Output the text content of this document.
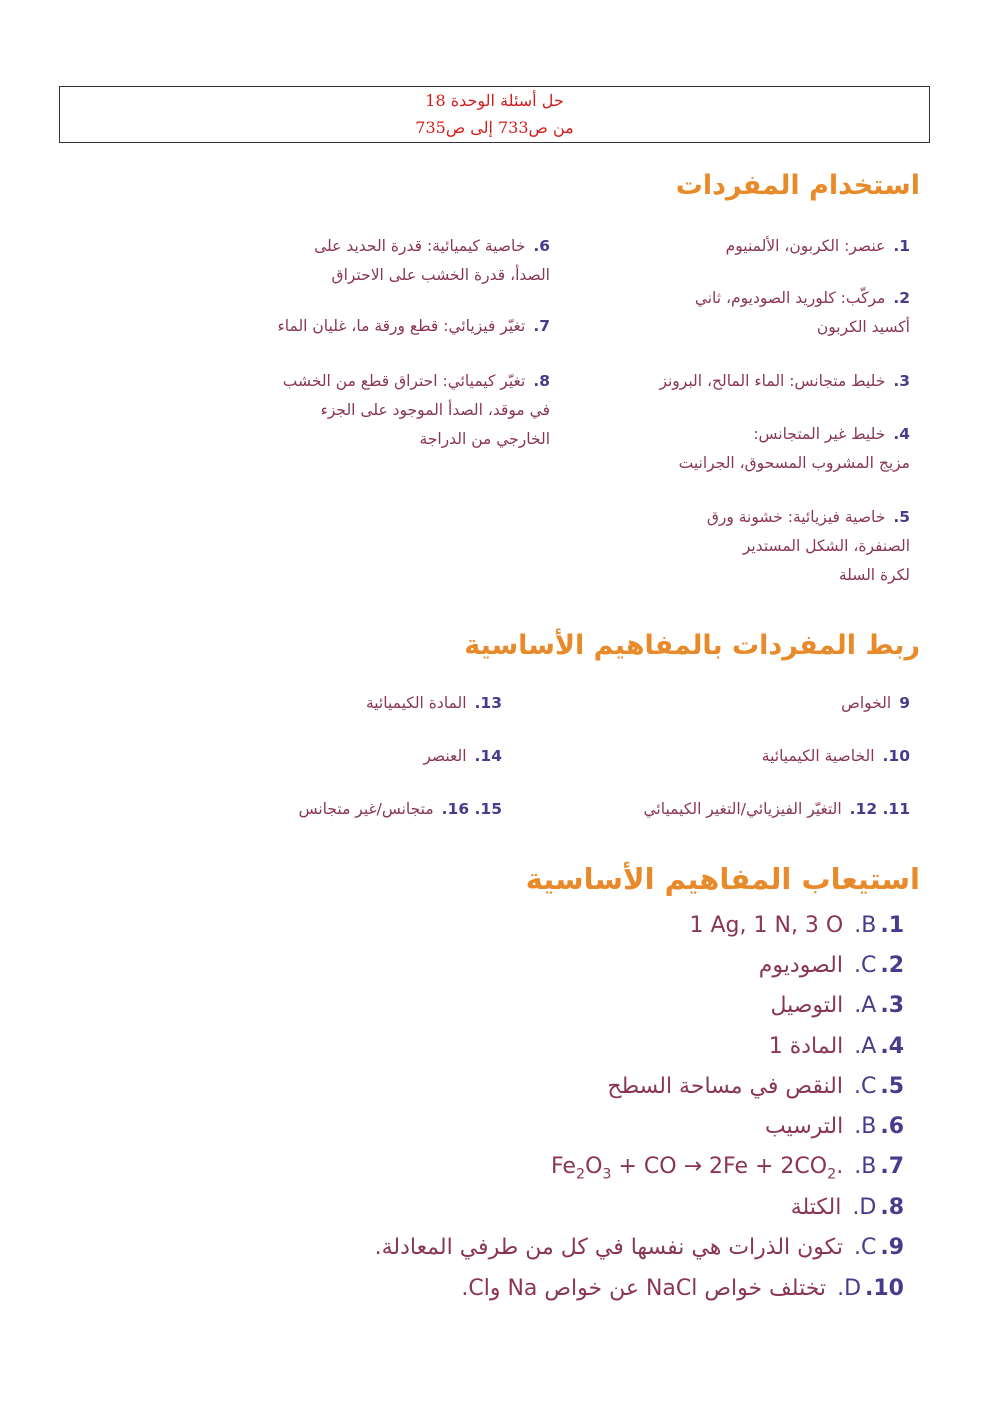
حل أسئلة الوحدة 18
من ص733 إلى ص735
استخدام المفردات
1.عنصر: الكربون، الألمنيوم
2.مركّب: كلوريد الصوديوم، ثاني
أكسيد الكربون
3.خليط متجانس: الماء المالح، البرونز
4.خليط غير المتجانس:
مزيج المشروب المسحوق، الجرانيت
5.خاصية فيزيائية: خشونة ورق
الصنفرة، الشكل المستدير
لكرة السلة
6.خاصية كيميائية: قدرة الحديد على
الصدأ، قدرة الخشب على الاحتراق
7.تغيّر فيزيائي: قطع ورقة ما، غليان الماء
8.تغيّر كيميائي: احتراق قطع من الخشب
في موقد، الصدأ الموجود على الجزء
الخارجي من الدراجة
ربط المفردات بالمفاهيم الأساسية
9الخواص
10.الخاصية الكيميائية
11. 12.التغيّر الفيزيائي/التغير الكيميائي
13.المادة الكيميائية
14.العنصر
15. 16.متجانس/غير متجانس
استيعاب المفاهيم الأساسية
1.B. 1 Ag, 1 N, 3 O
2.C. الصوديوم
3.A. التوصيل
4.A. المادة 1
5.C. النقص في مساحة السطح
6.B. الترسيب
7.B. $Fe_2O_3$ + CO → $2Fe + 2CO_2$.
8.D. الكتلة
9.C. تكون الذرات هي نفسها في كل من طرفي المعادلة.
10.D. تختلف خواص NaCl عن خواص Na وCl.
